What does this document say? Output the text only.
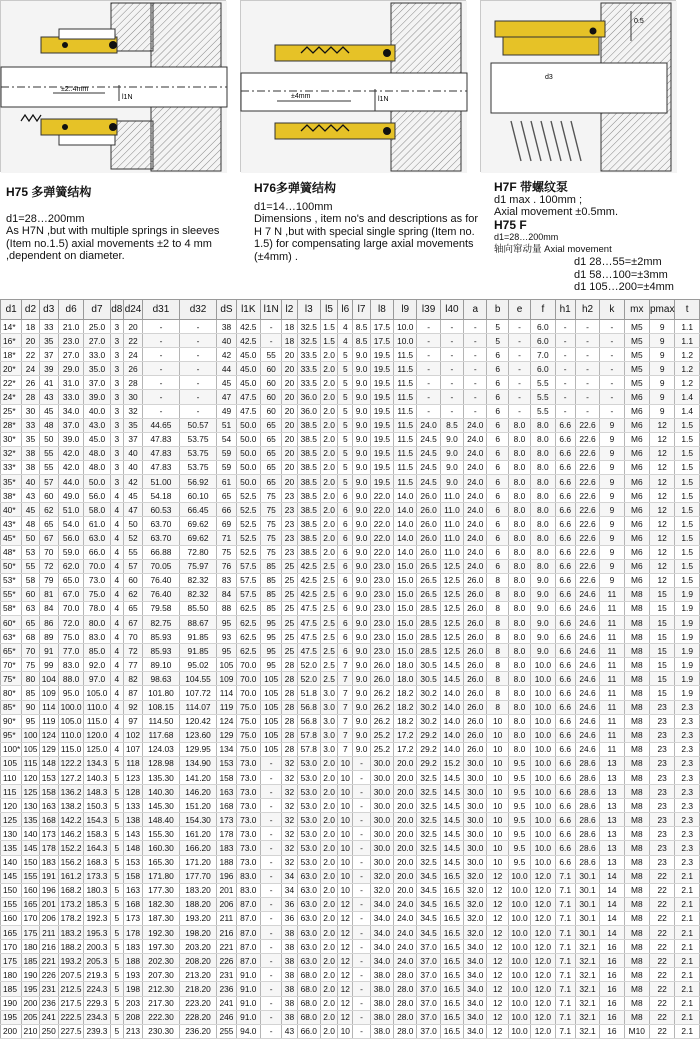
±2..4mm
l1N	±4mm	l1N
0.5
d3
H75 多弹簧结构
d1=28…200mm
As H7N ,but with multiple springs in sleeves (Item no.1.5) axial movements ±2 to 4 mm ,dependent on diameter.
H76多弹簧结构
d1=14…100mm
Dimensions , item no's and descriptions as for H 7 N ,but with special single spring (Item no. 1.5) for compensating large axial movements (±4mm) .
H7F 带螺纹泵
d1 max . 100mm ;
Axial movement ±0.5mm.
H75 F
d1=28…200mm
轴向窜动量 Axial movement
d1 28…55=±2mm
d1 58…100=±3mm
d1 105…200=±4mm
d1	d2	d3	d6	d7	d8	d24	d31	d32	dS	l1K	l1N	l2	l3	l5	l6	l7	l8	l9	l39	l40	a	b	e	f	h1	h2	k	mx	pmax	t
14*	18	33	21.0	25.0	3	20	-	-	38	42.5	-	18	32.5	1.5	4	8.5	17.5	10.0	-	-	-	5	-	6.0	-	-	-	M5	9	1.1
16*	20	35	23.0	27.0	3	22	-	-	40	42.5	-	18	32.5	1.5	4	8.5	17.5	10.0	-	-	-	5	-	6.0	-	-	-	M5	9	1.1
18*	22	37	27.0	33.0	3	24	-	-	42	45.0	55	20	33.5	2.0	5	9.0	19.5	11.5	-	-	-	6	-	7.0	-	-	-	M5	9	1.2
20*	24	39	29.0	35.0	3	26	-	-	44	45.0	60	20	33.5	2.0	5	9.0	19.5	11.5	-	-	-	6	-	6.0	-	-	-	M5	9	1.2
22*	26	41	31.0	37.0	3	28	-	-	45	45.0	60	20	33.5	2.0	5	9.0	19.5	11.5	-	-	-	6	-	5.5	-	-	-	M5	9	1.2
24*	28	43	33.0	39.0	3	30	-	-	47	47.5	60	20	36.0	2.0	5	9.0	19.5	11.5	-	-	-	6	-	5.5	-	-	-	M6	9	1.4
25*	30	45	34.0	40.0	3	32	-	-	49	47.5	60	20	36.0	2.0	5	9.0	19.5	11.5	-	-	-	6	-	5.5	-	-	-	M6	9	1.4
28*	33	48	37.0	43.0	3	35	44.65	50.57	51	50.0	65	20	38.5	2.0	5	9.0	19.5	11.5	24.0	8.5	24.0	6	8.0	8.0	6.6	22.6	9	M6	12	1.5
30*	35	50	39.0	45.0	3	37	47.83	53.75	54	50.0	65	20	38.5	2.0	5	9.0	19.5	11.5	24.5	9.0	24.0	6	8.0	8.0	6.6	22.6	9	M6	12	1.5
32*	38	55	42.0	48.0	3	40	47.83	53.75	59	50.0	65	20	38.5	2.0	5	9.0	19.5	11.5	24.5	9.0	24.0	6	8.0	8.0	6.6	22.6	9	M6	12	1.5
33*	38	55	42.0	48.0	3	40	47.83	53.75	59	50.0	65	20	38.5	2.0	5	9.0	19.5	11.5	24.5	9.0	24.0	6	8.0	8.0	6.6	22.6	9	M6	12	1.5
35*	40	57	44.0	50.0	3	42	51.00	56.92	61	50.0	65	20	38.5	2.0	5	9.0	19.5	11.5	24.5	9.0	24.0	6	8.0	8.0	6.6	22.6	9	M6	12	1.5
38*	43	60	49.0	56.0	4	45	54.18	60.10	65	52.5	75	23	38.5	2.0	6	9.0	22.0	14.0	26.0	11.0	24.0	6	8.0	8.0	6.6	22.6	9	M6	12	1.5
40*	45	62	51.0	58.0	4	47	60.53	66.45	66	52.5	75	23	38.5	2.0	6	9.0	22.0	14.0	26.0	11.0	24.0	6	8.0	8.0	6.6	22.6	9	M6	12	1.5
43*	48	65	54.0	61.0	4	50	63.70	69.62	69	52.5	75	23	38.5	2.0	6	9.0	22.0	14.0	26.0	11.0	24.0	6	8.0	8.0	6.6	22.6	9	M6	12	1.5
45*	50	67	56.0	63.0	4	52	63.70	69.62	71	52.5	75	23	38.5	2.0	6	9.0	22.0	14.0	26.0	11.0	24.0	6	8.0	8.0	6.6	22.6	9	M6	12	1.5
48*	53	70	59.0	66.0	4	55	66.88	72.80	75	52.5	75	23	38.5	2.0	6	9.0	22.0	14.0	26.0	11.0	24.0	6	8.0	8.0	6.6	22.6	9	M6	12	1.5
50*	55	72	62.0	70.0	4	57	70.05	75.97	76	57.5	85	25	42.5	2.5	6	9.0	23.0	15.0	26.5	12.5	24.0	6	8.0	8.0	6.6	22.6	9	M6	12	1.5
53*	58	79	65.0	73.0	4	60	76.40	82.32	83	57.5	85	25	42.5	2.5	6	9.0	23.0	15.0	26.5	12.5	26.0	8	8.0	9.0	6.6	22.6	9	M6	12	1.5
55*	60	81	67.0	75.0	4	62	76.40	82.32	84	57.5	85	25	42.5	2.5	6	9.0	23.0	15.0	26.5	12.5	26.0	8	8.0	9.0	6.6	24.6	11	M8	15	1.9
58*	63	84	70.0	78.0	4	65	79.58	85.50	88	62.5	85	25	47.5	2.5	6	9.0	23.0	15.0	28.5	12.5	26.0	8	8.0	9.0	6.6	24.6	11	M8	15	1.9
60*	65	86	72.0	80.0	4	67	82.75	88.67	95	62.5	95	25	47.5	2.5	6	9.0	23.0	15.0	28.5	12.5	26.0	8	8.0	9.0	6.6	24.6	11	M8	15	1.9
63*	68	89	75.0	83.0	4	70	85.93	91.85	93	62.5	95	25	47.5	2.5	6	9.0	23.0	15.0	28.5	12.5	26.0	8	8.0	9.0	6.6	24.6	11	M8	15	1.9
65*	70	91	77.0	85.0	4	72	85.93	91.85	95	62.5	95	25	47.5	2.5	6	9.0	23.0	15.0	28.5	12.5	26.0	8	8.0	9.0	6.6	24.6	11	M8	15	1.9
70*	75	99	83.0	92.0	4	77	89.10	95.02	105	70.0	95	28	52.0	2.5	7	9.0	26.0	18.0	30.5	14.5	26.0	8	8.0	10.0	6.6	24.6	11	M8	15	1.9
75*	80	104	88.0	97.0	4	82	98.63	104.55	109	70.0	105	28	52.0	2.5	7	9.0	26.0	18.0	30.5	14.5	26.0	8	8.0	10.0	6.6	24.6	11	M8	15	1.9
80*	85	109	95.0	105.0	4	87	101.80	107.72	114	70.0	105	28	51.8	3.0	7	9.0	26.2	18.2	30.2	14.0	26.0	8	8.0	10.0	6.6	24.6	11	M8	15	1.9
85*	90	114	100.0	110.0	4	92	108.15	114.07	119	75.0	105	28	56.8	3.0	7	9.0	26.2	18.2	30.2	14.0	26.0	8	8.0	10.0	6.6	24.6	11	M8	23	2.3
90*	95	119	105.0	115.0	4	97	114.50	120.42	124	75.0	105	28	56.8	3.0	7	9.0	26.2	18.2	30.2	14.0	26.0	10	8.0	10.0	6.6	24.6	11	M8	23	2.3
95*	100	124	110.0	120.0	4	102	117.68	123.60	129	75.0	105	28	57.8	3.0	7	9.0	25.2	17.2	29.2	14.0	26.0	10	8.0	10.0	6.6	24.6	11	M8	23	2.3
100*	105	129	115.0	125.0	4	107	124.03	129.95	134	75.0	105	28	57.8	3.0	7	9.0	25.2	17.2	29.2	14.0	26.0	10	8.0	10.0	6.6	24.6	11	M8	23	2.3
105	115	148	122.2	134.3	5	118	128.98	134.90	153	73.0	-	32	53.0	2.0	10	-	30.0	20.0	29.2	15.2	30.0	10	9.5	10.0	6.6	28.6	13	M8	23	2.3
110	120	153	127.2	140.3	5	123	135.30	141.20	158	73.0	-	32	53.0	2.0	10	-	30.0	20.0	32.5	14.5	30.0	10	9.5	10.0	6.6	28.6	13	M8	23	2.3
115	125	158	136.2	148.3	5	128	140.30	146.20	163	73.0	-	32	53.0	2.0	10	-	30.0	20.0	32.5	14.5	30.0	10	9.5	10.0	6.6	28.6	13	M8	23	2.3
120	130	163	138.2	150.3	5	133	145.30	151.20	168	73.0	-	32	53.0	2.0	10	-	30.0	20.0	32.5	14.5	30.0	10	9.5	10.0	6.6	28.6	13	M8	23	2.3
125	135	168	142.2	154.3	5	138	148.40	154.30	173	73.0	-	32	53.0	2.0	10	-	30.0	20.0	32.5	14.5	30.0	10	9.5	10.0	6.6	28.6	13	M8	23	2.3
130	140	173	146.2	158.3	5	143	155.30	161.20	178	73.0	-	32	53.0	2.0	10	-	30.0	20.0	32.5	14.5	30.0	10	9.5	10.0	6.6	28.6	13	M8	23	2.3
135	145	178	152.2	164.3	5	148	160.30	166.20	183	73.0	-	32	53.0	2.0	10	-	30.0	20.0	32.5	14.5	30.0	10	9.5	10.0	6.6	28.6	13	M8	23	2.3
140	150	183	156.2	168.3	5	153	165.30	171.20	188	73.0	-	32	53.0	2.0	10	-	30.0	20.0	32.5	14.5	30.0	10	9.5	10.0	6.6	28.6	13	M8	23	2.3
145	155	191	161.2	173.3	5	158	171.80	177.70	196	83.0	-	34	63.0	2.0	10	-	32.0	20.0	34.5	16.5	32.0	12	10.0	12.0	7.1	30.1	14	M8	22	2.1
150	160	196	168.2	180.3	5	163	177.30	183.20	201	83.0	-	34	63.0	2.0	10	-	32.0	20.0	34.5	16.5	32.0	12	10.0	12.0	7.1	30.1	14	M8	22	2.1
155	165	201	173.2	185.3	5	168	182.30	188.20	206	87.0	-	36	63.0	2.0	12	-	34.0	24.0	34.5	16.5	32.0	12	10.0	12.0	7.1	30.1	14	M8	22	2.1
160	170	206	178.2	192.3	5	173	187.30	193.20	211	87.0	-	36	63.0	2.0	12	-	34.0	24.0	34.5	16.5	32.0	12	10.0	12.0	7.1	30.1	14	M8	22	2.1
165	175	211	183.2	195.3	5	178	192.30	198.20	216	87.0	-	38	63.0	2.0	12	-	34.0	24.0	34.5	16.5	32.0	12	10.0	12.0	7.1	30.1	14	M8	22	2.1
170	180	216	188.2	200.3	5	183	197.30	203.20	221	87.0	-	38	63.0	2.0	12	-	34.0	24.0	37.0	16.5	34.0	12	10.0	12.0	7.1	32.1	16	M8	22	2.1
175	185	221	193.2	205.3	5	188	202.30	208.20	226	87.0	-	38	63.0	2.0	12	-	34.0	24.0	37.0	16.5	34.0	12	10.0	12.0	7.1	32.1	16	M8	22	2.1
180	190	226	207.5	219.3	5	193	207.30	213.20	231	91.0	-	38	68.0	2.0	12	-	38.0	28.0	37.0	16.5	34.0	12	10.0	12.0	7.1	32.1	16	M8	22	2.1
185	195	231	212.5	224.3	5	198	212.30	218.20	236	91.0	-	38	68.0	2.0	12	-	38.0	28.0	37.0	16.5	34.0	12	10.0	12.0	7.1	32.1	16	M8	22	2.1
190	200	236	217.5	229.3	5	203	217.30	223.20	241	91.0	-	38	68.0	2.0	12	-	38.0	28.0	37.0	16.5	34.0	12	10.0	12.0	7.1	32.1	16	M8	22	2.1
195	205	241	222.5	234.3	5	208	222.30	228.20	246	91.0	-	38	68.0	2.0	12	-	38.0	28.0	37.0	16.5	34.0	12	10.0	12.0	7.1	32.1	16	M8	22	2.1
200	210	250	227.5	239.3	5	213	230.30	236.20	255	94.0	-	43	66.0	2.0	10	-	38.0	28.0	37.0	16.5	34.0	12	10.0	12.0	7.1	32.1	16	M10	22	2.1
